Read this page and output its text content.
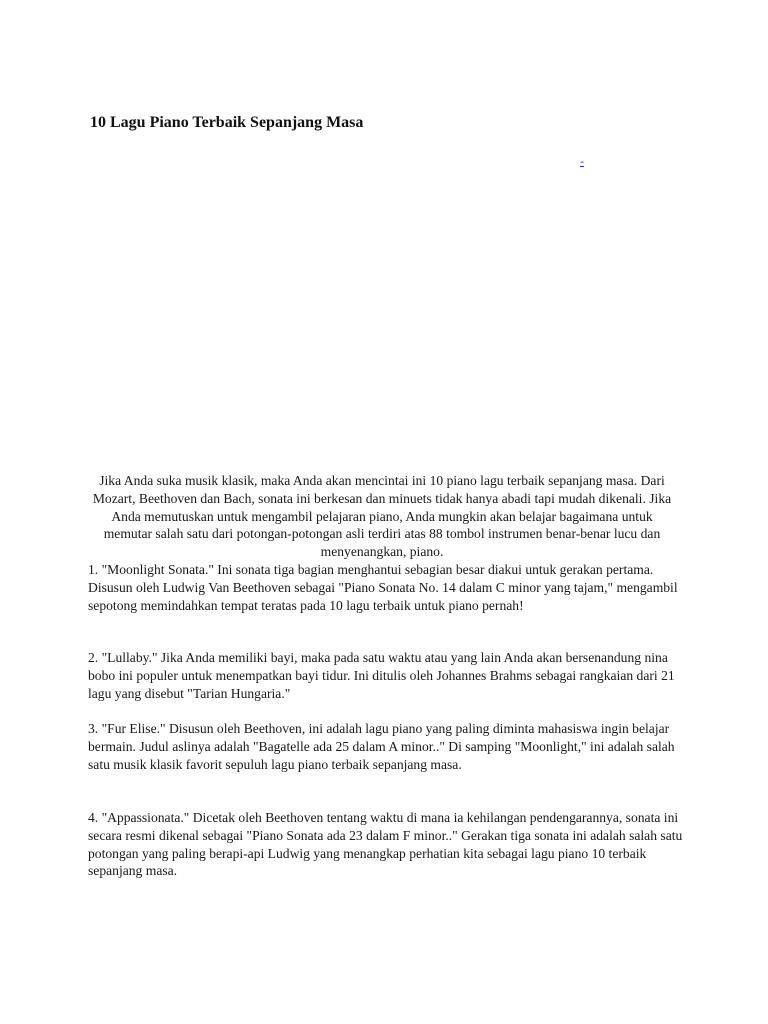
10 Lagu Piano Terbaik Sepanjang Masa
-

Jika Anda suka musik klasik, maka Anda akan mencintai ini 10 piano lagu terbaik sepanjang masa. Dari Mozart, Beethoven dan Bach, sonata ini berkesan dan minuets tidak hanya abadi tapi mudah dikenali. Jika Anda memutuskan untuk mengambil pelajaran piano, Anda mungkin akan belajar bagaimana untuk memutar salah satu dari potongan-potongan asli terdiri atas 88 tombol instrumen benar-benar lucu dan menyenangkan, piano.

1. "Moonlight Sonata." Ini sonata tiga bagian menghantui sebagian besar diakui untuk gerakan pertama. Disusun oleh Ludwig Van Beethoven sebagai "Piano Sonata No. 14 dalam C minor yang tajam," mengambil sepotong memindahkan tempat teratas pada 10 lagu terbaik untuk piano pernah!

2. "Lullaby." Jika Anda memiliki bayi, maka pada satu waktu atau yang lain Anda akan bersenandung nina bobo ini populer untuk menempatkan bayi tidur. Ini ditulis oleh Johannes Brahms sebagai rangkaian dari 21 lagu yang disebut "Tarian Hungaria."

3. "Fur Elise." Disusun oleh Beethoven, ini adalah lagu piano yang paling diminta mahasiswa ingin belajar bermain. Judul aslinya adalah "Bagatelle ada 25 dalam A minor.." Di samping "Moonlight," ini adalah salah satu musik klasik favorit sepuluh lagu piano terbaik sepanjang masa.

4. "Appassionata." Dicetak oleh Beethoven tentang waktu di mana ia kehilangan pendengarannya, sonata ini secara resmi dikenal sebagai "Piano Sonata ada 23 dalam F minor.." Gerakan tiga sonata ini adalah salah satu potongan yang paling berapi-api Ludwig yang menangkap perhatian kita sebagai lagu piano 10 terbaik sepanjang masa.
